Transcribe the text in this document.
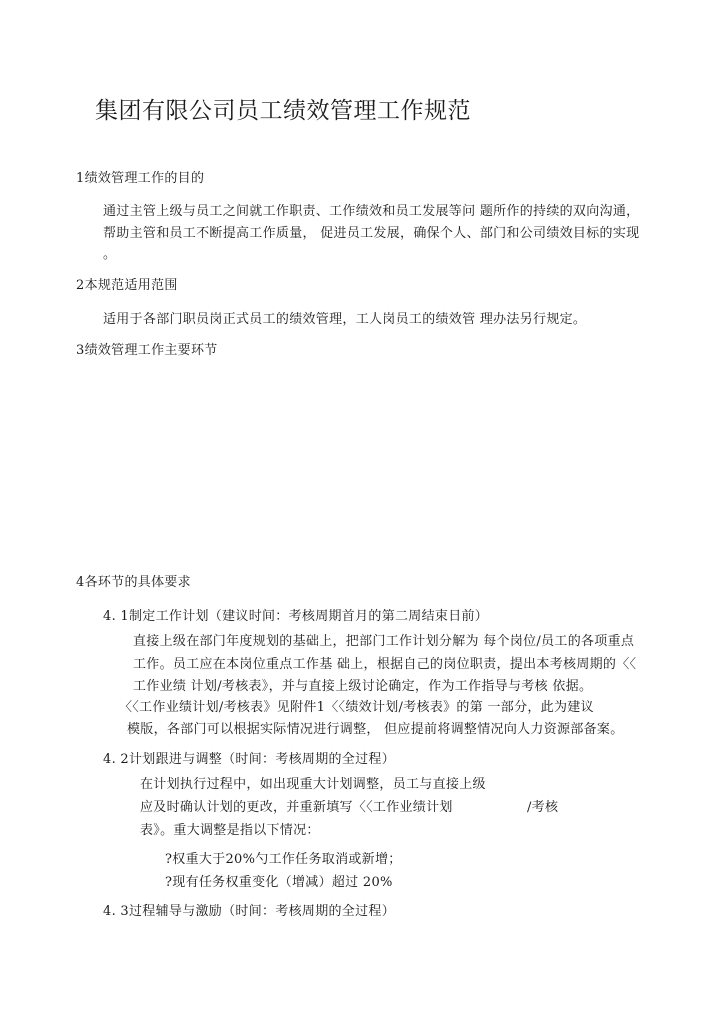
集团有限公司员工绩效管理工作规范
1绩效管理工作的目的
通过主管上级与员工之间就工作职责、工作绩效和员工发展等问 题所作的持续的双向沟通，
帮助主管和员工不断提高工作质量， 促进员工发展，确保个人、部门和公司绩效目标的实现
。
2本规范适用范围
适用于各部门职员岗正式员工的绩效管理，工人岗员工的绩效管 理办法另行规定。
3绩效管理工作主要环节
4各环节的具体要求
4. 1制定工作计划（建议时间：考核周期首月的第二周结束日前）
直接上级在部门年度规划的基础上，把部门工作计划分解为 每个岗位/员工的各项重点
工作。员工应在本岗位重点工作基 础上，根据自己的岗位职责，提出本考核周期的〈〈
工作业绩 计划/考核表》，并与直接上级讨论确定，作为工作指导与考核 依据。
〈〈工作业绩计划/考核表》见附件1〈〈绩效计划/考核表》的第 一部分，此为建议
模版，各部门可以根据实际情况进行调整， 但应提前将调整情况向人力资源部备案。
4. 2计划跟进与调整（时间：考核周期的全过程）
在计划执行过程中，如出现重大计划调整，员工与直接上级
应及时确认计划的更改，并重新填写〈〈工作业绩计划	/考核
表》。重大调整是指以下情况：
?权重大于20%勺工作任务取消或新增；
?现有任务权重变化（增减）超过 20%
4. 3过程辅导与激励（时间：考核周期的全过程）
